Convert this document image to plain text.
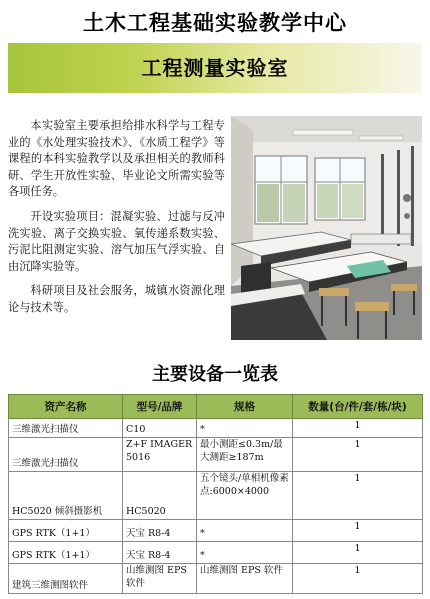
土木工程基础实验教学中心
工程测量实验室

本实验室主要承担给排水科学与工程专业的《水处理实验技术》、《水质工程学》等课程的本科实验教学以及承担相关的教师科研、学生开放性实验、毕业论文所需实验等各项任务。

开设实验项目：混凝实验、过滤与反冲洗实验、离子交换实验、氧传递系数实验、污泥比阻测定实验、溶气加压气浮实验、自由沉降实验等。

科研项目及社会服务，城镇水资源化理论与技术等。

主要设备一览表
资产名称	型号/品牌	规格	数量(台/件/套/栋/块)
三维激光扫描仪	C10	*	1
三维激光扫描仪	Z+F IMAGER 5016	最小测距≤0.3m/最大测距≥187m	1
HC5020 倾斜摄影机	HC5020	五个镜头/单相机像素点:6000×4000	1
GPS RTK（1+1）	天宝 R8-4	*	1
GPS RTK（1+1）	天宝 R8-4	*	1
建筑三维测图软件	山维测图 EPS 软件	山维测图 EPS 软件	1
